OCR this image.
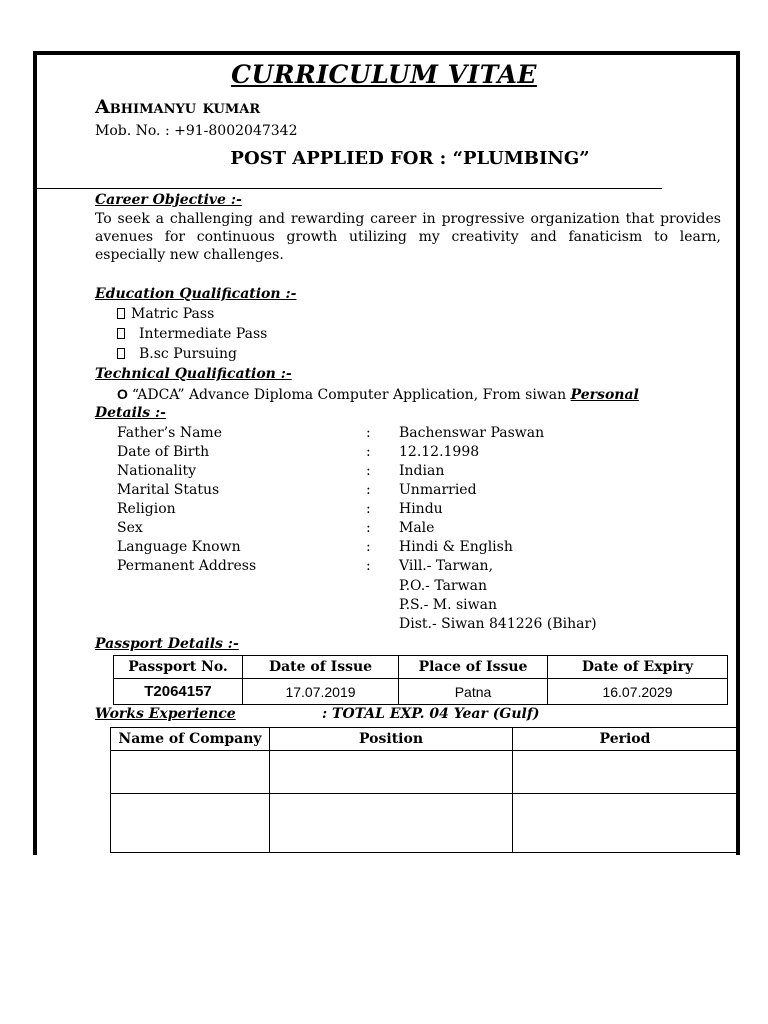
CURRICULUM VITAE
Abhimanyu kumar
Mob. No. : +91-8002047342
POST APPLIED FOR : “PLUMBING”
Career Objective :-
To seek a challenging and rewarding career in progressive organization that provides avenues for continuous growth utilizing my creativity and fanaticism to learn, especially new challenges.
Education Qualification :-
Matric Pass
Intermediate Pass
B.sc Pursuing
Technical Qualification :-
O “ADCA” Advance Diploma Computer Application, From siwan Personal
Details :-
Father’s Name	: Bachenswar Paswan
Date of Birth	: 12.12.1998
Nationality	: Indian
Marital Status	: Unmarried
Religion	: Hindu
Sex	: Male
Language Known	: Hindi & English
Permanent Address	: Vill.- Tarwan,
P.O.- Tarwan
P.S.- M. siwan
Dist.- Siwan 841226 (Bihar)
Passport Details :-
Passport No.	Date of Issue	Place of Issue	Date of Expiry
T2064157	17.07.2019	Patna	16.07.2029
Works Experience	: TOTAL EXP. 04 Year (Gulf)
Name of Company	Position	Period
